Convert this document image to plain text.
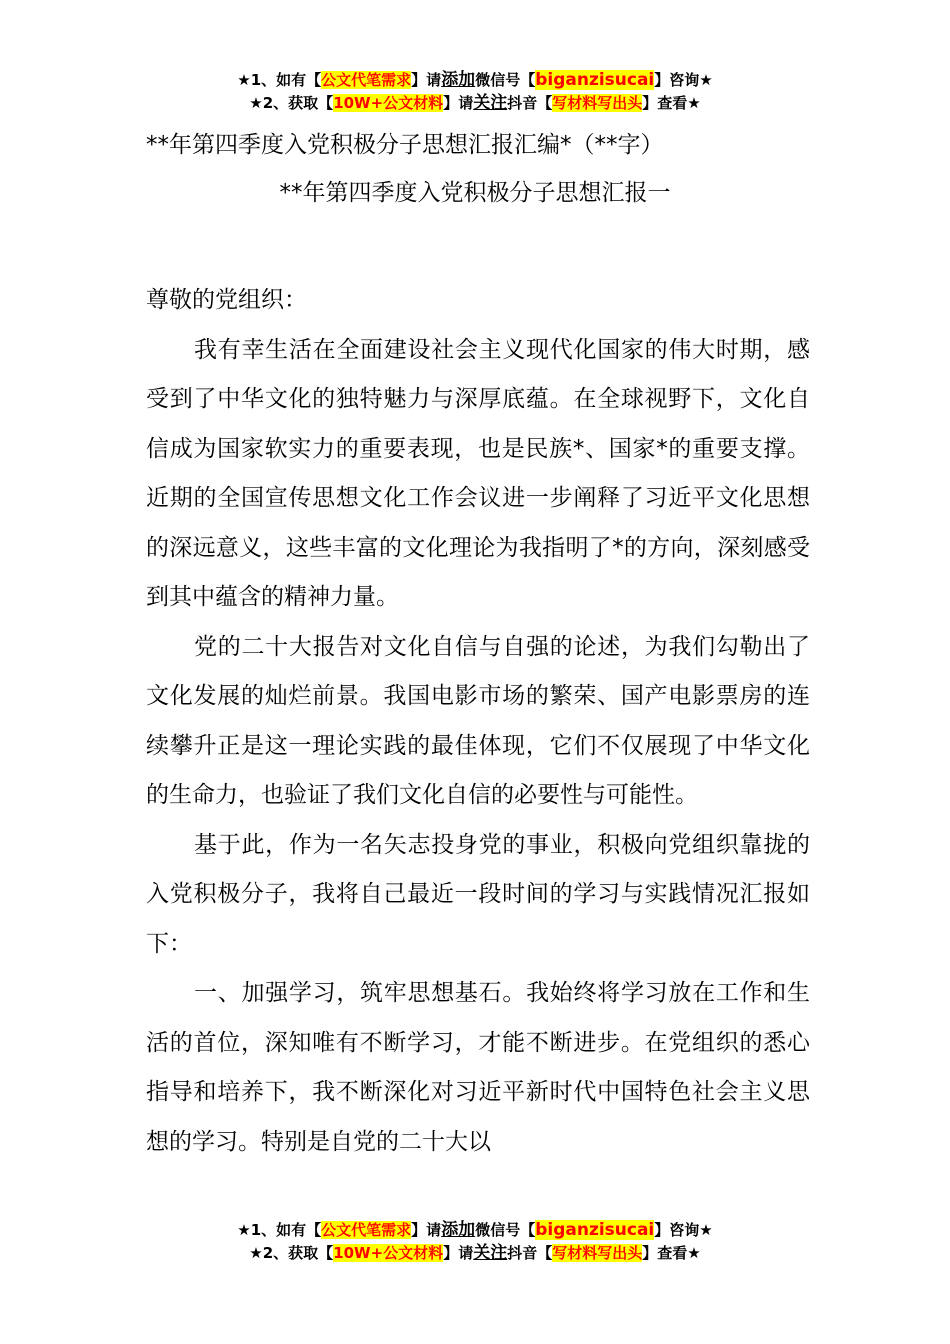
★1、如有【公文代笔需求】请添加微信号【biganzisucai】咨询★
★2、获取【10W+公文材料】请关注抖音【写材料写出头】查看★
**年第四季度入党积极分子思想汇报汇编*（**字）
**年第四季度入党积极分子思想汇报一

尊敬的党组织：

我有幸生活在全面建设社会主义现代化国家的伟大时期，感受到了中华文化的独特魅力与深厚底蕴。在全球视野下，文化自信成为国家软实力的重要表现，也是民族*、国家*的重要支撑。近期的全国宣传思想文化工作会议进一步阐释了习近平文化思想的深远意义，这些丰富的文化理论为我指明了*的方向，深刻感受到其中蕴含的精神力量。

党的二十大报告对文化自信与自强的论述，为我们勾勒出了文化发展的灿烂前景。我国电影市场的繁荣、国产电影票房的连续攀升正是这一理论实践的最佳体现，它们不仅展现了中华文化的生命力，也验证了我们文化自信的必要性与可能性。

基于此，作为一名矢志投身党的事业，积极向党组织靠拢的入党积极分子，我将自己最近一段时间的学习与实践情况汇报如下：

一、加强学习，筑牢思想基石。我始终将学习放在工作和生活的首位，深知唯有不断学习，才能不断进步。在党组织的悉心指导和培养下，我不断深化对习近平新时代中国特色社会主义思想的学习。特别是自党的二十大以

★1、如有【公文代笔需求】请添加微信号【biganzisucai】咨询★
★2、获取【10W+公文材料】请关注抖音【写材料写出头】查看★
